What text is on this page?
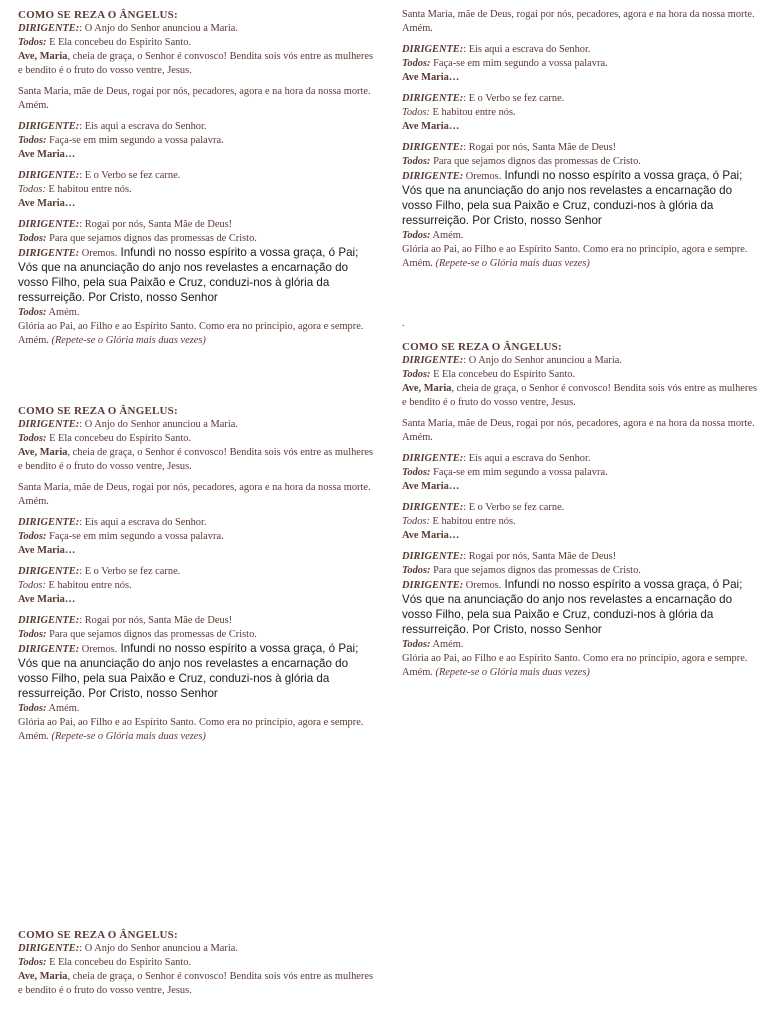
COMO SE REZA O ÂNGELUS:

DIRIGENTE:: O Anjo do Senhor anunciou a Maria.

Todos: E Ela concebeu do Espírito Santo.

Ave, Maria, cheia de graça, o Senhor é convosco! Bendita sois vós entre as mulheres e bendito é o fruto do vosso ventre, Jesus.

Santa Maria, mãe de Deus, rogai por nós, pecadores, agora e na hora da nossa morte. Amém.

DIRIGENTE:: Eis aqui a escrava do Senhor.

Todos: Faça-se em mim segundo a vossa palavra.

Ave Maria…

DIRIGENTE:: E o Verbo se fez carne.

Todos: E habitou entre nós.

Ave Maria…

DIRIGENTE:: Rogai por nós, Santa Mãe de Deus!

Todos: Para que sejamos dignos das promessas de Cristo.

DIRIGENTE: Oremos. Infundi no nosso espírito a vossa graça, ó Pai; Vós que na anunciação do anjo nos revelastes a encarnação do vosso Filho, pela sua Paixão e Cruz, conduzi-nos à glória da ressurreição. Por Cristo, nosso Senhor

Todos: Amém.

Glória ao Pai, ao Filho e ao Espírito Santo. Como era no princípio, agora e sempre. Amém. (Repete-se o Glória mais duas vezes)

COMO SE REZA O ÂNGELUS:

DIRIGENTE:: O Anjo do Senhor anunciou a Maria.

Todos: E Ela concebeu do Espírito Santo.

Ave, Maria, cheia de graça, o Senhor é convosco! Bendita sois vós entre as mulheres e bendito é o fruto do vosso ventre, Jesus.

Santa Maria, mãe de Deus, rogai por nós, pecadores, agora e na hora da nossa morte. Amém.

DIRIGENTE:: Eis aqui a escrava do Senhor.

Todos: Faça-se em mim segundo a vossa palavra.

Ave Maria…

DIRIGENTE:: E o Verbo se fez carne.

Todos: E habitou entre nós.

Ave Maria…

DIRIGENTE:: Rogai por nós, Santa Mãe de Deus!

Todos: Para que sejamos dignos das promessas de Cristo.

DIRIGENTE: Oremos. Infundi no nosso espírito a vossa graça, ó Pai; Vós que na anunciação do anjo nos revelastes a encarnação do vosso Filho, pela sua Paixão e Cruz, conduzi-nos à glória da ressurreição. Por Cristo, nosso Senhor

Todos: Amém.

Glória ao Pai, ao Filho e ao Espírito Santo. Como era no princípio, agora e sempre. Amém. (Repete-se o Glória mais duas vezes)

COMO SE REZA O ÂNGELUS:

DIRIGENTE:: O Anjo do Senhor anunciou a Maria.

Todos: E Ela concebeu do Espírito Santo.

Ave, Maria, cheia de graça, o Senhor é convosco! Bendita sois vós entre as mulheres e bendito é o fruto do vosso ventre, Jesus.

Santa Maria, mãe de Deus, rogai por nós, pecadores, agora e na hora da nossa morte. Amém.

DIRIGENTE:: Eis aqui a escrava do Senhor.

Todos: Faça-se em mim segundo a vossa palavra.

Ave Maria…

DIRIGENTE:: E o Verbo se fez carne.

Todos: E habitou entre nós.

Ave Maria…

DIRIGENTE:: Rogai por nós, Santa Mãe de Deus!

Todos: Para que sejamos dignos das promessas de Cristo.

DIRIGENTE: Oremos. Infundi no nosso espírito a vossa graça, ó Pai; Vós que na anunciação do anjo nos revelastes a encarnação do vosso Filho, pela sua Paixão e Cruz, conduzi-nos à glória da ressurreição. Por Cristo, nosso Senhor

Todos: Amém.

Glória ao Pai, ao Filho e ao Espírito Santo. Como era no princípio, agora e sempre. Amém. (Repete-se o Glória mais duas vezes)

.

COMO SE REZA O ÂNGELUS:

DIRIGENTE:: O Anjo do Senhor anunciou a Maria.

Todos: E Ela concebeu do Espírito Santo.

Ave, Maria, cheia de graça, o Senhor é convosco! Bendita sois vós entre as mulheres e bendito é o fruto do vosso ventre, Jesus.

Santa Maria, mãe de Deus, rogai por nós, pecadores, agora e na hora da nossa morte. Amém.

DIRIGENTE:: Eis aqui a escrava do Senhor.

Todos: Faça-se em mim segundo a vossa palavra.

Ave Maria…

DIRIGENTE:: E o Verbo se fez carne.

Todos: E habitou entre nós.

Ave Maria…

DIRIGENTE:: Rogai por nós, Santa Mãe de Deus!

Todos: Para que sejamos dignos das promessas de Cristo.

DIRIGENTE: Oremos. Infundi no nosso espírito a vossa graça, ó Pai; Vós que na anunciação do anjo nos revelastes a encarnação do vosso Filho, pela sua Paixão e Cruz, conduzi-nos à glória da ressurreição. Por Cristo, nosso Senhor

Todos: Amém.

Glória ao Pai, ao Filho e ao Espírito Santo. Como era no princípio, agora e sempre. Amém. (Repete-se o Glória mais duas vezes)
